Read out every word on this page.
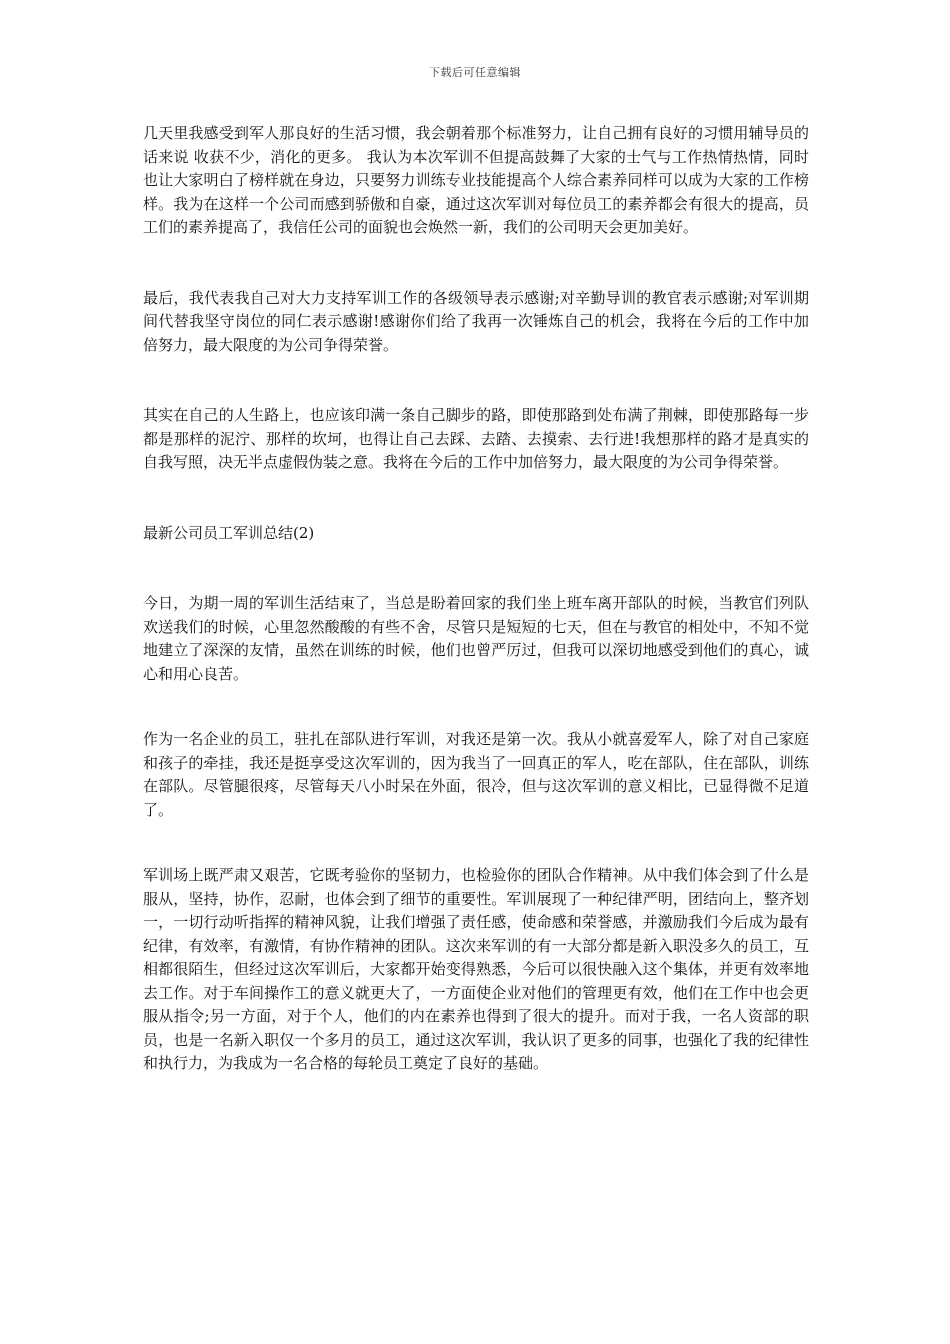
下载后可任意编辑

几天里我感受到军人那良好的生活习惯，我会朝着那个标准努力，让自己拥有良好的习惯用辅导员的话来说 收获不少，消化的更多。 我认为本次军训不但提高鼓舞了大家的士气与工作热情热情，同时也让大家明白了榜样就在身边，只要努力训练专业技能提高个人综合素养同样可以成为大家的工作榜样。我为在这样一个公司而感到骄傲和自豪，通过这次军训对每位员工的素养都会有很大的提高，员工们的素养提高了，我信任公司的面貌也会焕然一新，我们的公司明天会更加美好。

最后，我代表我自己对大力支持军训工作的各级领导表示感谢;对辛勤导训的教官表示感谢;对军训期间代替我坚守岗位的同仁表示感谢!感谢你们给了我再一次锤炼自己的机会，我将在今后的工作中加倍努力，最大限度的为公司争得荣誉。

其实在自己的人生路上，也应该印满一条自己脚步的路，即使那路到处布满了荆棘，即使那路每一步都是那样的泥泞、那样的坎坷，也得让自己去踩、去踏、去摸索、去行进!我想那样的路才是真实的自我写照，决无半点虚假伪装之意。我将在今后的工作中加倍努力，最大限度的为公司争得荣誉。

最新公司员工军训总结(2)

今日，为期一周的军训生活结束了，当总是盼着回家的我们坐上班车离开部队的时候，当教官们列队欢送我们的时候，心里忽然酸酸的有些不舍，尽管只是短短的七天，但在与教官的相处中，不知不觉地建立了深深的友情，虽然在训练的时候，他们也曾严厉过，但我可以深切地感受到他们的真心，诚心和用心良苦。

作为一名企业的员工，驻扎在部队进行军训，对我还是第一次。我从小就喜爱军人，除了对自己家庭和孩子的牵挂，我还是挺享受这次军训的，因为我当了一回真正的军人，吃在部队，住在部队，训练在部队。尽管腿很疼，尽管每天八小时呆在外面，很冷，但与这次军训的意义相比，已显得微不足道了。

军训场上既严肃又艰苦，它既考验你的坚韧力，也检验你的团队合作精神。从中我们体会到了什么是服从，坚持，协作，忍耐，也体会到了细节的重要性。军训展现了一种纪律严明，团结向上，整齐划一，一切行动听指挥的精神风貌，让我们增强了责任感，使命感和荣誉感，并激励我们今后成为最有纪律，有效率，有激情，有协作精神的团队。这次来军训的有一大部分都是新入职没多久的员工，互相都很陌生，但经过这次军训后，大家都开始变得熟悉，今后可以很快融入这个集体，并更有效率地去工作。对于车间操作工的意义就更大了，一方面使企业对他们的管理更有效，他们在工作中也会更服从指令;另一方面，对于个人，他们的内在素养也得到了很大的提升。而对于我，一名人资部的职员，也是一名新入职仅一个多月的员工，通过这次军训，我认识了更多的同事，也强化了我的纪律性和执行力，为我成为一名合格的每轮员工奠定了良好的基础。
